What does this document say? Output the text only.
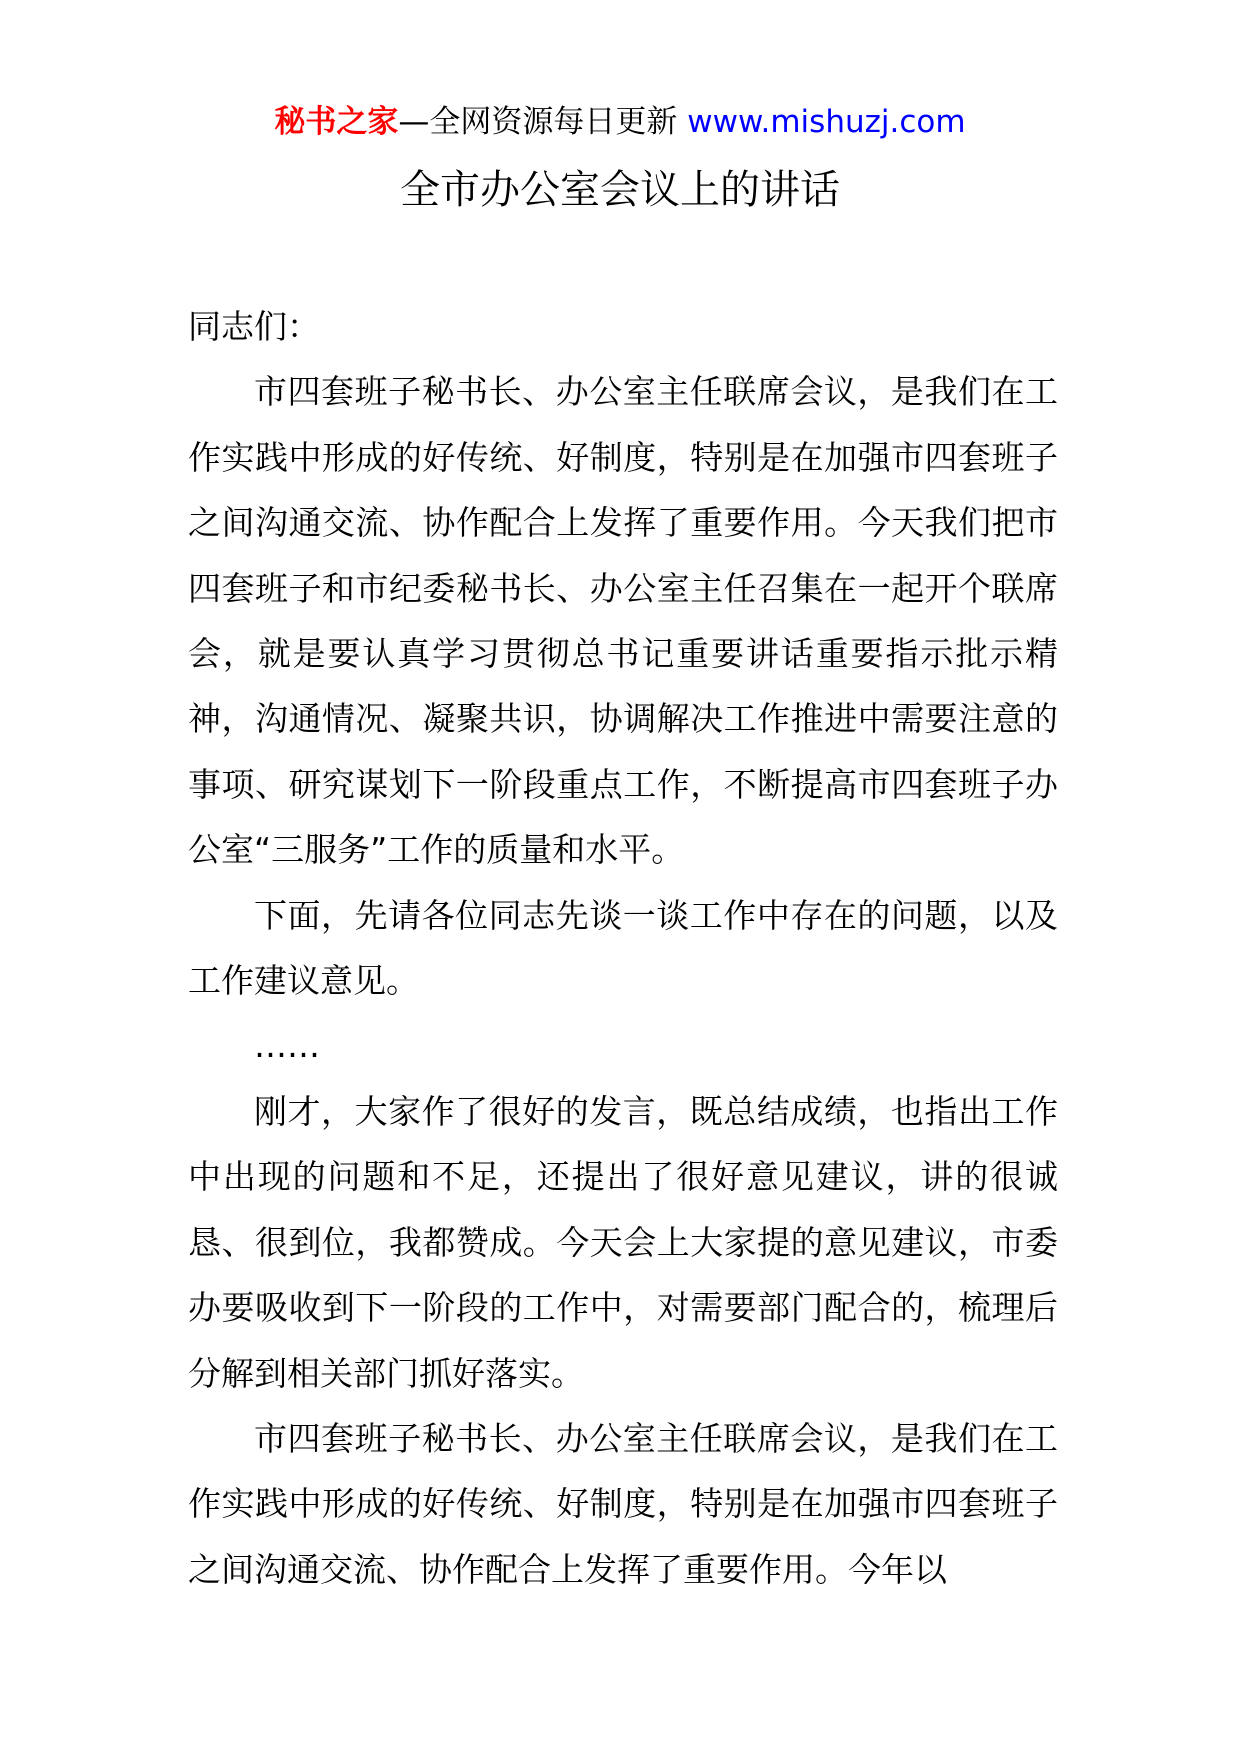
秘书之家—全网资源每日更新 www.mishuzj.com
全市办公室会议上的讲话

同志们：

市四套班子秘书长、办公室主任联席会议，是我们在工作实践中形成的好传统、好制度，特别是在加强市四套班子之间沟通交流、协作配合上发挥了重要作用。今天我们把市四套班子和市纪委秘书长、办公室主任召集在一起开个联席会，就是要认真学习贯彻总书记重要讲话重要指示批示精神，沟通情况、凝聚共识，协调解决工作推进中需要注意的事项、研究谋划下一阶段重点工作，不断提高市四套班子办公室“三服务”工作的质量和水平。

下面，先请各位同志先谈一谈工作中存在的问题，以及工作建议意见。

……

刚才，大家作了很好的发言，既总结成绩，也指出工作中出现的问题和不足，还提出了很好意见建议，讲的很诚恳、很到位，我都赞成。今天会上大家提的意见建议，市委办要吸收到下一阶段的工作中，对需要部门配合的，梳理后分解到相关部门抓好落实。

市四套班子秘书长、办公室主任联席会议，是我们在工作实践中形成的好传统、好制度，特别是在加强市四套班子之间沟通交流、协作配合上发挥了重要作用。今年以
